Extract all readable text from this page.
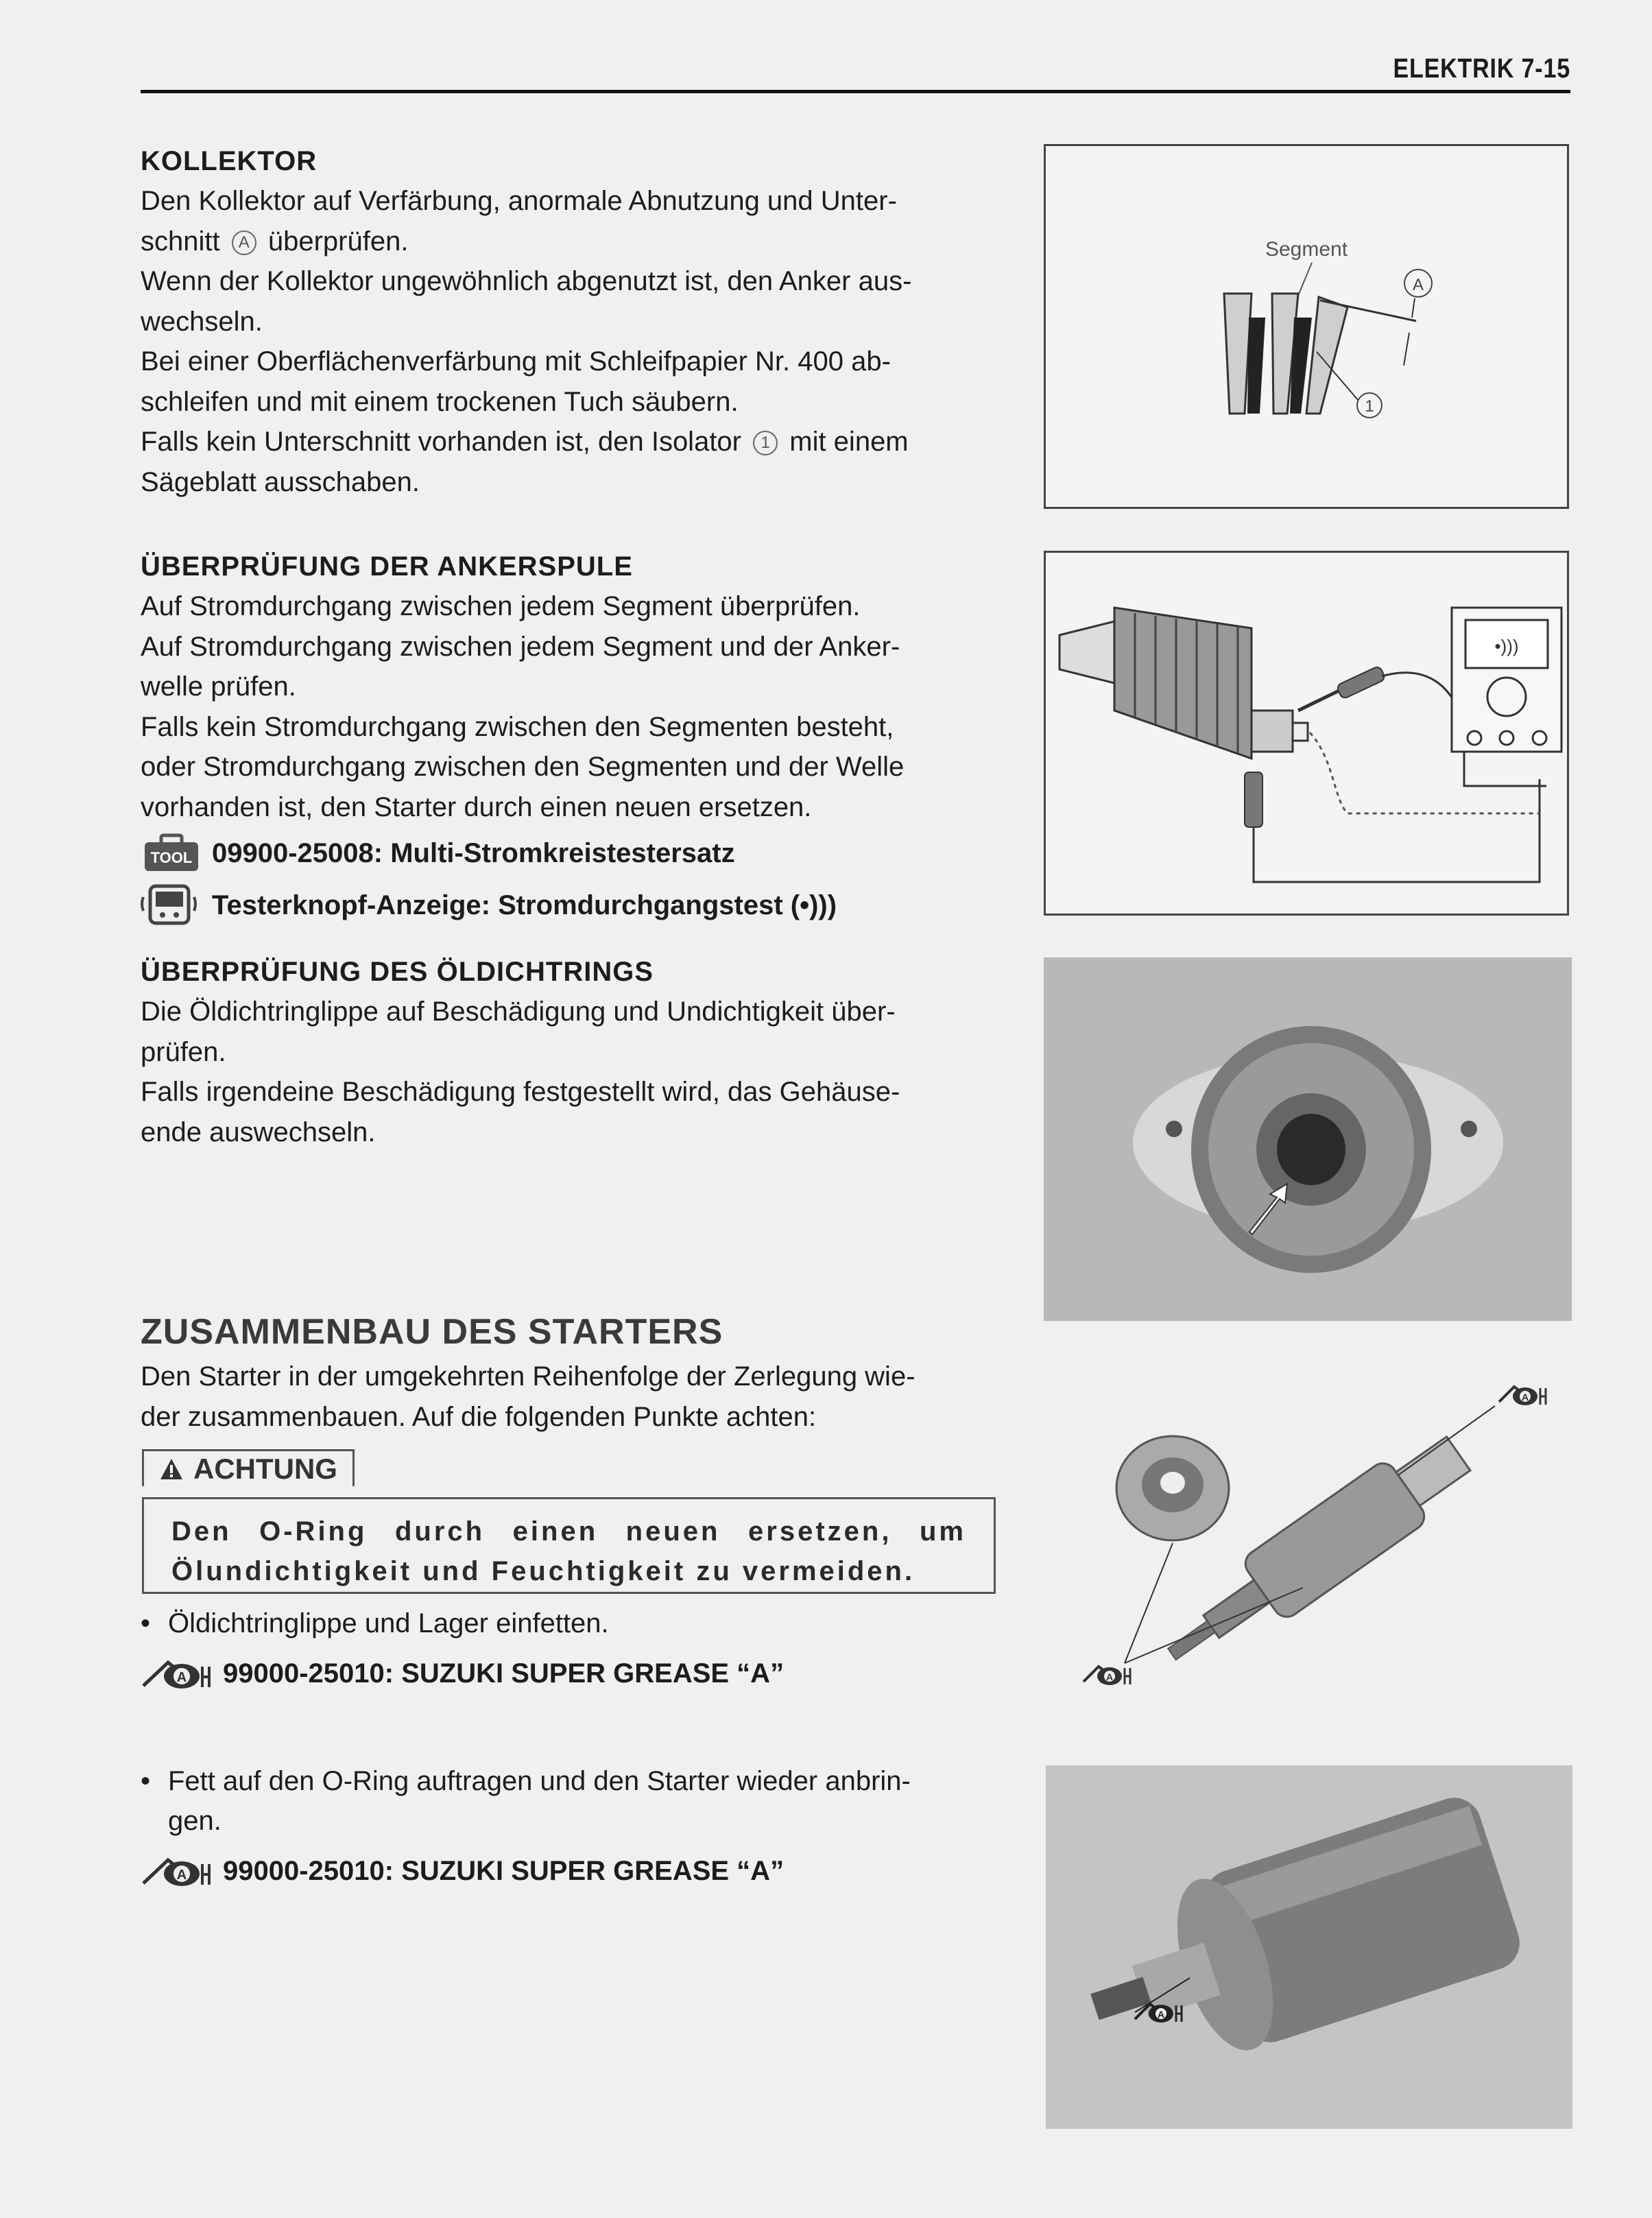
ELEKTRIK 7-15

KOLLEKTOR

Den Kollektor auf Verfärbung, anormale Abnutzung und Unter-

schnitt A überprüfen.

Wenn der Kollektor ungewöhnlich abgenutzt ist, den Anker aus-

wechseln.

Bei einer Oberflächenverfärbung mit Schleifpapier Nr. 400 ab-

schleifen und mit einem trockenen Tuch säubern.

Falls kein Unterschnitt vorhanden ist, den Isolator 1 mit einem

Sägeblatt ausschaben.

ÜBERPRÜFUNG DER ANKERSPULE

Auf Stromdurchgang zwischen jedem Segment überprüfen.

Auf Stromdurchgang zwischen jedem Segment und der Anker-

welle prüfen.

Falls kein Stromdurchgang zwischen den Segmenten besteht,

oder Stromdurchgang zwischen den Segmenten und der Welle

vorhanden ist, den Starter durch einen neuen ersetzen.

TOOL 09900-25008: Multi-Stromkreistestersatz
Testerknopf-Anzeige: Stromdurchgangstest (•)))

ÜBERPRÜFUNG DES ÖLDICHTRINGS

Die Öldichtringlippe auf Beschädigung und Undichtigkeit über-

prüfen.

Falls irgendeine Beschädigung festgestellt wird, das Gehäuse-

ende auswechseln.

ZUSAMMENBAU DES STARTERS

Den Starter in der umgekehrten Reihenfolge der Zerlegung wie-

der zusammenbauen. Auf die folgenden Punkte achten:

ACHTUNG
Den O-Ring durch einen neuen ersetzen, um Ölundichtigkeit und Feuchtigkeit zu vermeiden.
• Öldichtringlippe und Lager einfetten.
A 99000-25010: SUZUKI SUPER GREASE “A”
• Fett auf den O-Ring auftragen und den Starter wieder anbrin-
gen.
A 99000-25010: SUZUKI SUPER GREASE “A”
Segment
A
1
•)))
A
A
A
